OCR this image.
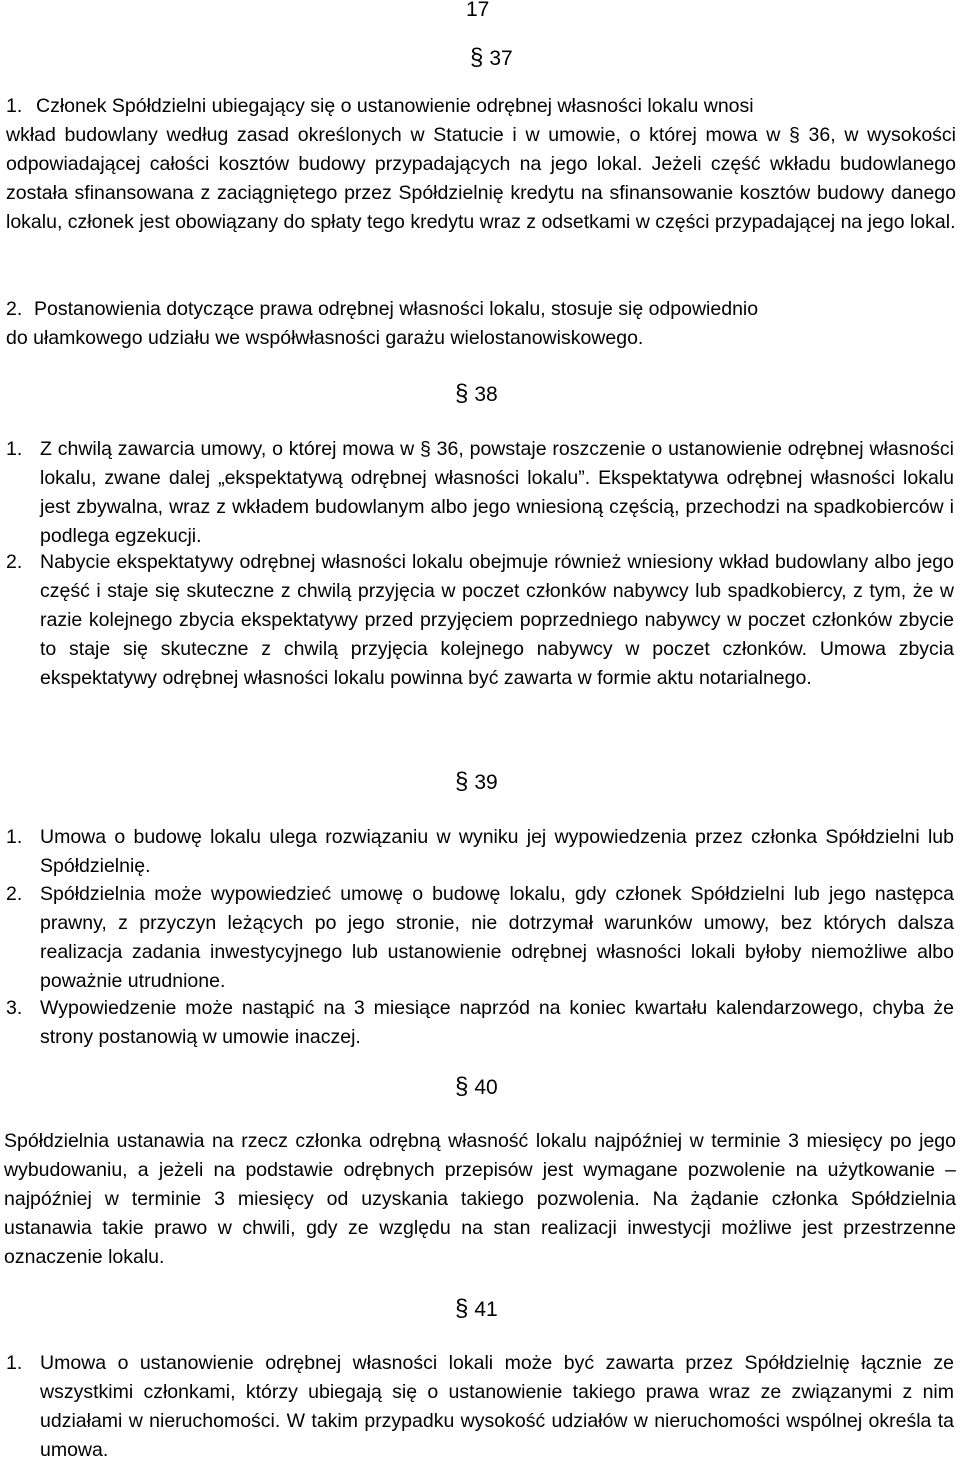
17
§ 37
1. Członek Spółdzielni ubiegający się o ustanowienie odrębnej własności lokalu wnosi
wkład budowlany według zasad określonych w Statucie i w umowie, o której mowa w § 36, w wysokości odpowiadającej całości kosztów budowy przypadających na jego lokal. Jeżeli część wkładu budowlanego została sfinansowana z zaciągniętego przez Spółdzielnię kredytu na sfinansowanie kosztów budowy danego lokalu, członek jest obowiązany do spłaty tego kredytu wraz z odsetkami w części przypadającej na jego lokal.
2. Postanowienia dotyczące prawa odrębnej własności lokalu, stosuje się odpowiednio
do ułamkowego udziału we współwłasności garażu wielostanowiskowego.
§ 38
1. Z chwilą zawarcia umowy, o której mowa w § 36, powstaje roszczenie o ustanowienie odrębnej własności lokalu, zwane dalej „ekspektatywą odrębnej własności lokalu”. Ekspektatywa odrębnej własności lokalu jest zbywalna, wraz z wkładem budowlanym albo jego wniesioną częścią, przechodzi na spadkobierców i podlega egzekucji.
2. Nabycie ekspektatywy odrębnej własności lokalu obejmuje również wniesiony wkład budowlany albo jego część i staje się skuteczne z chwilą przyjęcia w poczet członków nabywcy lub spadkobiercy, z tym, że w razie kolejnego zbycia ekspektatywy przed przyjęciem poprzedniego nabywcy w poczet członków zbycie to staje się skuteczne z chwilą przyjęcia kolejnego nabywcy w poczet członków. Umowa zbycia ekspektatywy odrębnej własności lokalu powinna być zawarta w formie aktu notarialnego.
§ 39
1. Umowa o budowę lokalu ulega rozwiązaniu w wyniku jej wypowiedzenia przez członka Spółdzielni lub Spółdzielnię.
2. Spółdzielnia może wypowiedzieć umowę o budowę lokalu, gdy członek Spółdzielni lub jego następca prawny, z przyczyn leżących po jego stronie, nie dotrzymał warunków umowy, bez których dalsza realizacja zadania inwestycyjnego lub ustanowienie odrębnej własności lokali byłoby niemożliwe albo poważnie utrudnione.
3. Wypowiedzenie może nastąpić na 3 miesiące naprzód na koniec kwartału kalendarzowego, chyba że strony postanowią w umowie inaczej.
§ 40
Spółdzielnia ustanawia na rzecz członka odrębną własność lokalu najpóźniej w terminie 3 miesięcy po jego wybudowaniu, a jeżeli na podstawie odrębnych przepisów jest wymagane pozwolenie na użytkowanie – najpóźniej w terminie 3 miesięcy od uzyskania takiego pozwolenia. Na żądanie członka Spółdzielnia ustanawia takie prawo w chwili, gdy ze względu na stan realizacji inwestycji możliwe jest przestrzenne oznaczenie lokalu.
§ 41
1. Umowa o ustanowienie odrębnej własności lokali może być zawarta przez Spółdzielnię łącznie ze wszystkimi członkami, którzy ubiegają się o ustanowienie takiego prawa wraz ze związanymi z nim udziałami w nieruchomości. W takim przypadku wysokość udziałów w nieruchomości wspólnej określa ta umowa.
